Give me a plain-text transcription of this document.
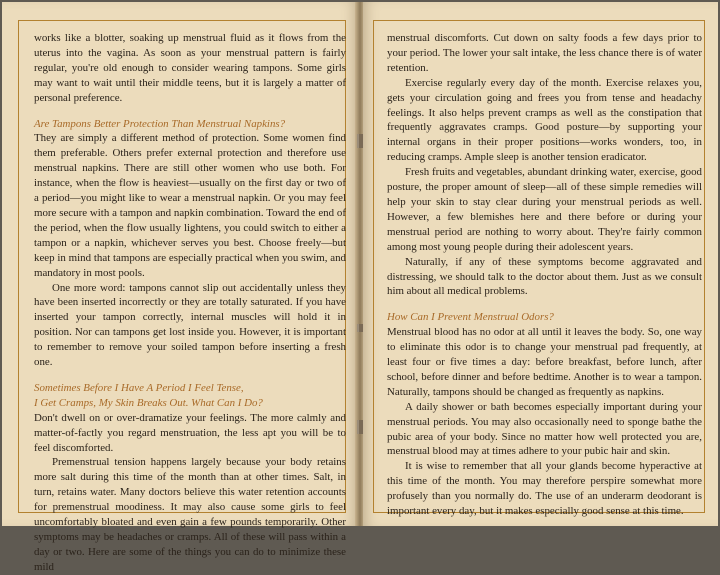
works like a blotter, soaking up menstrual fluid as it flows from the uterus into the vagina. As soon as your menstrual pattern is fairly regular, you're old enough to consider wearing tampons. Some girls may want to wait until their middle teens, but it is largely a matter of personal preference.

Are Tampons Better Protection Than Menstrual Napkins?

They are simply a different method of protection. Some women find them preferable. Others prefer external protection and therefore use menstrual napkins. There are still other women who use both. For instance, when the flow is heaviest—usually on the first day or two of a period—you might like to wear a menstrual napkin. Or you may feel more secure with a tampon and napkin combination. Toward the end of the period, when the flow usually lightens, you could switch to either a tampon or a napkin, whichever serves you best. Choose freely—but keep in mind that tampons are especially practical when you swim, and mandatory in most pools.

One more word: tampons cannot slip out accidentally unless they have been inserted incorrectly or they are totally saturated. If you have inserted your tampon correctly, internal muscles will hold it in position. Nor can tampons get lost inside you. However, it is important to remember to remove your soiled tampon before inserting a fresh one.

Sometimes Before I Have A Period I Feel Tense,
I Get Cramps, My Skin Breaks Out. What Can I Do?

Don't dwell on or over-dramatize your feelings. The more calmly and matter-of-factly you regard menstruation, the less apt you will be to feel discomforted.

Premenstrual tension happens largely because your body retains more salt during this time of the month than at other times. Salt, in turn, retains water. Many doctors believe this water retention accounts for premenstrual moodiness. It may also cause some girls to feel uncomfortably bloated and even gain a few pounds temporarily. Other symptoms may be headaches or cramps. All of these will pass within a day or two. Here are some of the things you can do to minimize these mild

menstrual discomforts. Cut down on salty foods a few days prior to your period. The lower your salt intake, the less chance there is of water retention.

Exercise regularly every day of the month. Exercise relaxes you, gets your circulation going and frees you from tense and headachy feelings. It also helps prevent cramps as well as the constipation that frequently aggravates cramps. Good posture—by supporting your internal organs in their proper positions—works wonders, too, in reducing cramps. Ample sleep is another tension eradicator.

Fresh fruits and vegetables, abundant drinking water, exercise, good posture, the proper amount of sleep—all of these simple remedies will help your skin to stay clear during your menstrual periods as well. However, a few blemishes here and there before or during your menstrual period are nothing to worry about. They're fairly common among most young people during their adolescent years.

Naturally, if any of these symptoms become aggravated and distressing, we should talk to the doctor about them. Just as we consult him about all medical problems.

How Can I Prevent Menstrual Odors?

Menstrual blood has no odor at all until it leaves the body. So, one way to eliminate this odor is to change your menstrual pad frequently, at least four or five times a day: before breakfast, before lunch, after school, before dinner and before bedtime. Another is to wear a tampon. Naturally, tampons should be changed as frequently as napkins.

A daily shower or bath becomes especially important during your menstrual periods. You may also occasionally need to sponge bathe the pubic area of your body. Since no matter how well protected you are, menstrual blood may at times adhere to your pubic hair and skin.

It is wise to remember that all your glands become hyperactive at this time of the month. You may therefore perspire somewhat more profusely than you normally do. The use of an underarm deodorant is important every day, but it makes especially good sense at this time.
